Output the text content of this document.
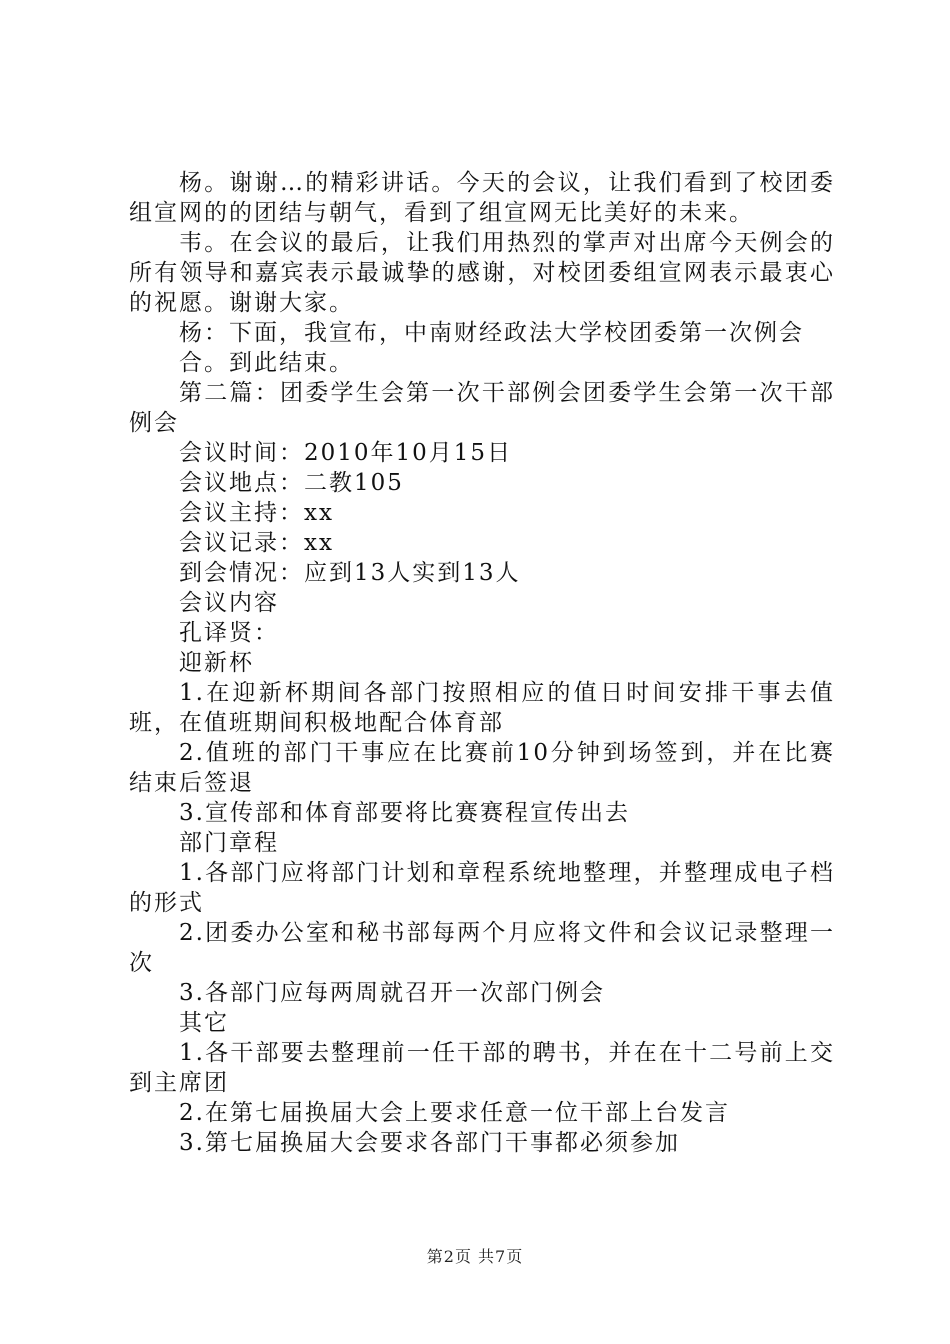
杨。谢谢…的精彩讲话。今天的会议，让我们看到了校团委组宣网的的团结与朝气，看到了组宣网无比美好的未来。

韦。在会议的最后，让我们用热烈的掌声对出席今天例会的所有领导和嘉宾表示最诚挚的感谢，对校团委组宣网表示最衷心的祝愿。谢谢大家。

杨：下面，我宣布，中南财经政法大学校团委第一次例会

合。到此结束。

第二篇：团委学生会第一次干部例会团委学生会第一次干部例会

会议时间：2010年10月15日

会议地点：二教105

会议主持：xx

会议记录：xx

到会情况：应到13人实到13人

会议内容

孔译贤：

迎新杯

1.在迎新杯期间各部门按照相应的值日时间安排干事去值班，在值班期间积极地配合体育部

2.值班的部门干事应在比赛前10分钟到场签到，并在比赛结束后签退

3.宣传部和体育部要将比赛赛程宣传出去

部门章程

1.各部门应将部门计划和章程系统地整理，并整理成电子档的形式

2.团委办公室和秘书部每两个月应将文件和会议记录整理一次

3.各部门应每两周就召开一次部门例会

其它

1.各干部要去整理前一任干部的聘书，并在在十二号前上交到主席团

2.在第七届换届大会上要求任意一位干部上台发言

3.第七届换届大会要求各部门干事都必须参加

第2页 共7页
